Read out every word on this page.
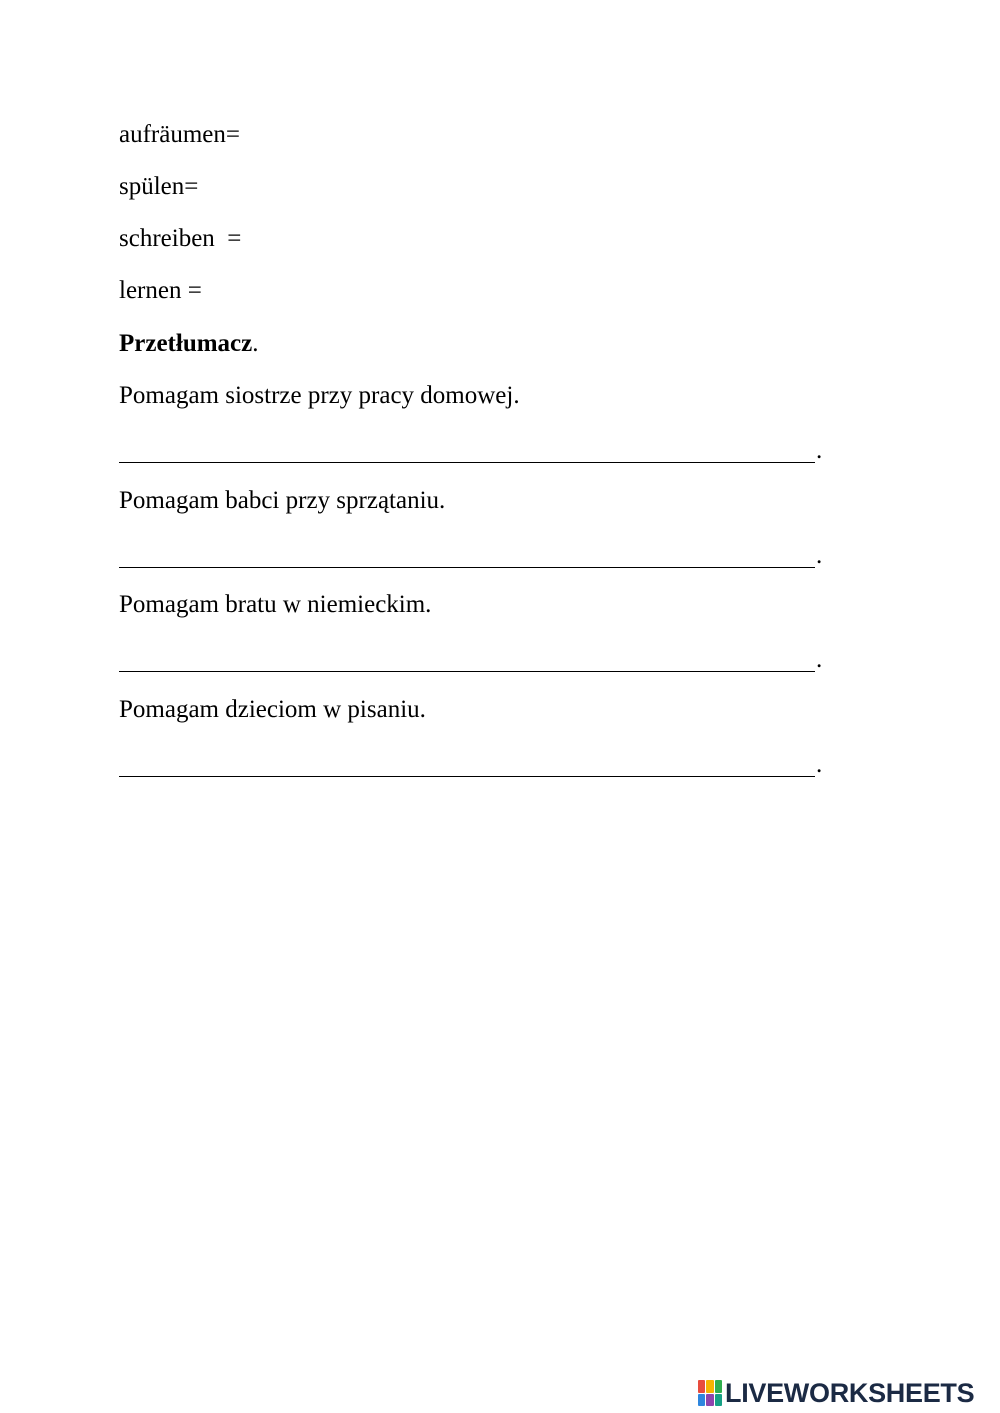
aufräumen=
spülen=
schreiben  =
lernen =
Przetłumacz.
Pomagam siostrze przy pracy domowej.
.
Pomagam babci przy sprzątaniu.
.
Pomagam bratu w niemieckim.
.
Pomagam dzieciom w pisaniu.
.
LIVEWORKSHEETS
